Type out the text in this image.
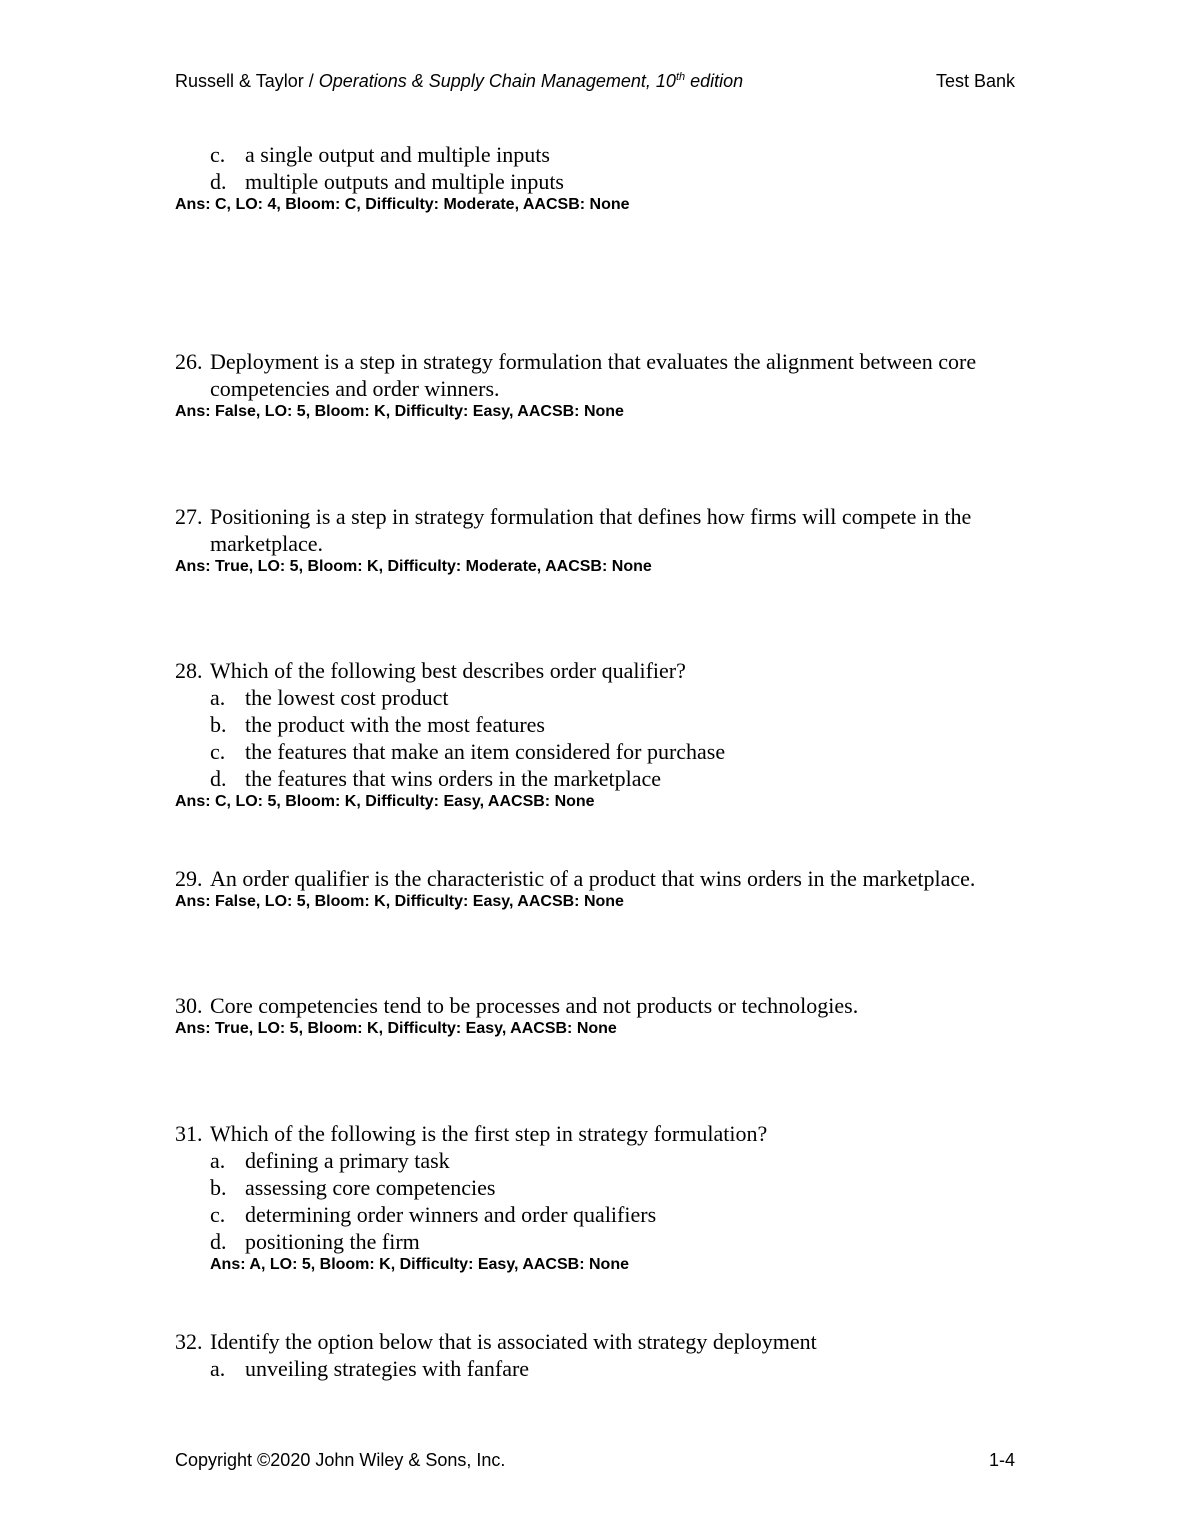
Russell & Taylor / Operations & Supply Chain Management, 10th edition	Test Bank
c. a single output and multiple inputs
d. multiple outputs and multiple inputs
Ans: C, LO: 4, Bloom: C, Difficulty: Moderate, AACSB: None
26. Deployment is a step in strategy formulation that evaluates the alignment between core competencies and order winners.
Ans: False, LO: 5, Bloom: K, Difficulty: Easy, AACSB: None
27. Positioning is a step in strategy formulation that defines how firms will compete in the marketplace.
Ans: True, LO: 5, Bloom: K, Difficulty: Moderate, AACSB: None
28. Which of the following best describes order qualifier?
a. the lowest cost product
b. the product with the most features
c. the features that make an item considered for purchase
d. the features that wins orders in the marketplace
Ans: C, LO: 5, Bloom: K, Difficulty: Easy, AACSB: None
29. An order qualifier is the characteristic of a product that wins orders in the marketplace.
Ans: False, LO: 5, Bloom: K, Difficulty: Easy, AACSB: None
30. Core competencies tend to be processes and not products or technologies.
Ans: True, LO: 5, Bloom: K, Difficulty: Easy, AACSB: None
31. Which of the following is the first step in strategy formulation?
a. defining a primary task
b. assessing core competencies
c. determining order winners and order qualifiers
d. positioning the firm
Ans: A, LO: 5, Bloom: K, Difficulty: Easy, AACSB: None
32. Identify the option below that is associated with strategy deployment
a. unveiling strategies with fanfare
Copyright ©2020 John Wiley & Sons, Inc.	1-4
